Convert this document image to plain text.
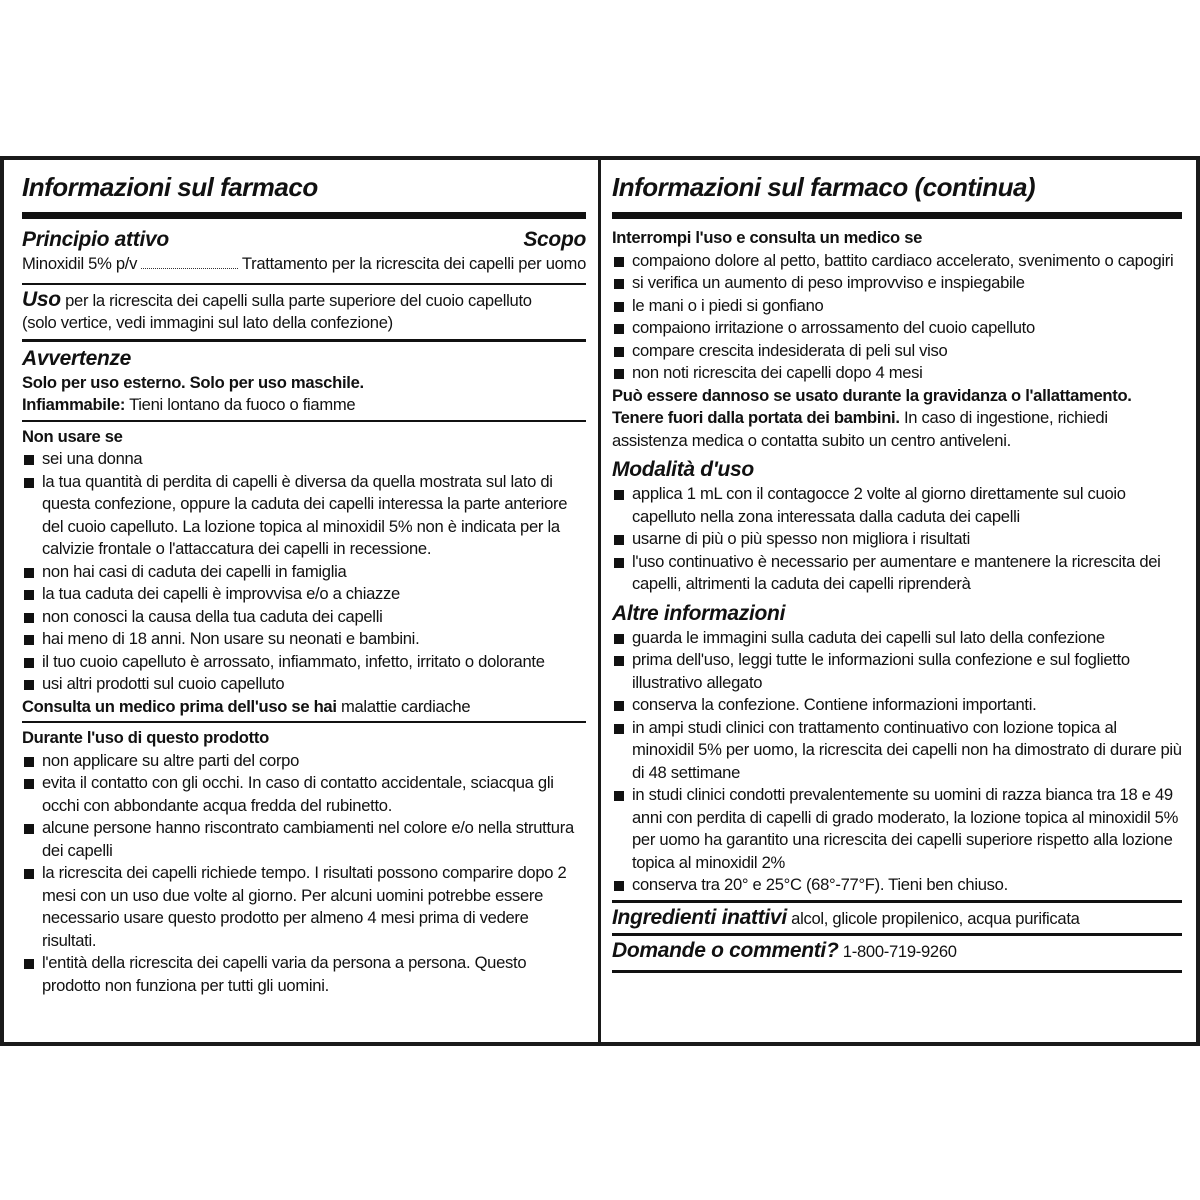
Informazioni sul farmaco
Principio attivo	Scopo
Minoxidil 5% p/v	Trattamento per la ricrescita dei capelli per uomo
Uso per la ricrescita dei capelli sulla parte superiore del cuoio capelluto
(solo vertice, vedi immagini sul lato della confezione)
Avvertenze
Solo per uso esterno. Solo per uso maschile.
Infiammabile: Tieni lontano da fuoco o fiamme
Non usare se
sei una donna
la tua quantità di perdita di capelli è diversa da quella mostrata sul lato di questa confezione, oppure la caduta dei capelli interessa la parte anteriore del cuoio capelluto. La lozione topica al minoxidil 5% non è indicata per la calvizie frontale o l'attaccatura dei capelli in recessione.
non hai casi di caduta dei capelli in famiglia
la tua caduta dei capelli è improvvisa e/o a chiazze
non conosci la causa della tua caduta dei capelli
hai meno di 18 anni. Non usare su neonati e bambini.
il tuo cuoio capelluto è arrossato, infiammato, infetto, irritato o dolorante
usi altri prodotti sul cuoio capelluto
Consulta un medico prima dell'uso se hai malattie cardiache
Durante l'uso di questo prodotto
non applicare su altre parti del corpo
evita il contatto con gli occhi. In caso di contatto accidentale, sciacqua gli occhi con abbondante acqua fredda del rubinetto.
alcune persone hanno riscontrato cambiamenti nel colore e/o nella struttura dei capelli
la ricrescita dei capelli richiede tempo. I risultati possono comparire dopo 2 mesi con un uso due volte al giorno. Per alcuni uomini potrebbe essere necessario usare questo prodotto per almeno 4 mesi prima di vedere risultati.
l'entità della ricrescita dei capelli varia da persona a persona. Questo prodotto non funziona per tutti gli uomini.
Informazioni sul farmaco (continua)
Interrompi l'uso e consulta un medico se
compaiono dolore al petto, battito cardiaco accelerato, svenimento o capogiri
si verifica un aumento di peso improvviso e inspiegabile
le mani o i piedi si gonfiano
compaiono irritazione o arrossamento del cuoio capelluto
compare crescita indesiderata di peli sul viso
non noti ricrescita dei capelli dopo 4 mesi
Può essere dannoso se usato durante la gravidanza o l'allattamento.
Tenere fuori dalla portata dei bambini. In caso di ingestione, richiedi assistenza medica o contatta subito un centro antiveleni.
Modalità d'uso
applica 1 mL con il contagocce 2 volte al giorno direttamente sul cuoio capelluto nella zona interessata dalla caduta dei capelli
usarne di più o più spesso non migliora i risultati
l'uso continuativo è necessario per aumentare e mantenere la ricrescita dei capelli, altrimenti la caduta dei capelli riprenderà
Altre informazioni
guarda le immagini sulla caduta dei capelli sul lato della confezione
prima dell'uso, leggi tutte le informazioni sulla confezione e sul foglietto illustrativo allegato
conserva la confezione. Contiene informazioni importanti.
in ampi studi clinici con trattamento continuativo con lozione topica al minoxidil 5% per uomo, la ricrescita dei capelli non ha dimostrato di durare più di 48 settimane
in studi clinici condotti prevalentemente su uomini di razza bianca tra 18 e 49 anni con perdita di capelli di grado moderato, la lozione topica al minoxidil 5% per uomo ha garantito una ricrescita dei capelli superiore rispetto alla lozione topica al minoxidil 2%
conserva tra 20° e 25°C (68°-77°F). Tieni ben chiuso.
Ingredienti inattivi alcol, glicole propilenico, acqua purificata
Domande o commenti? 1-800-719-9260
